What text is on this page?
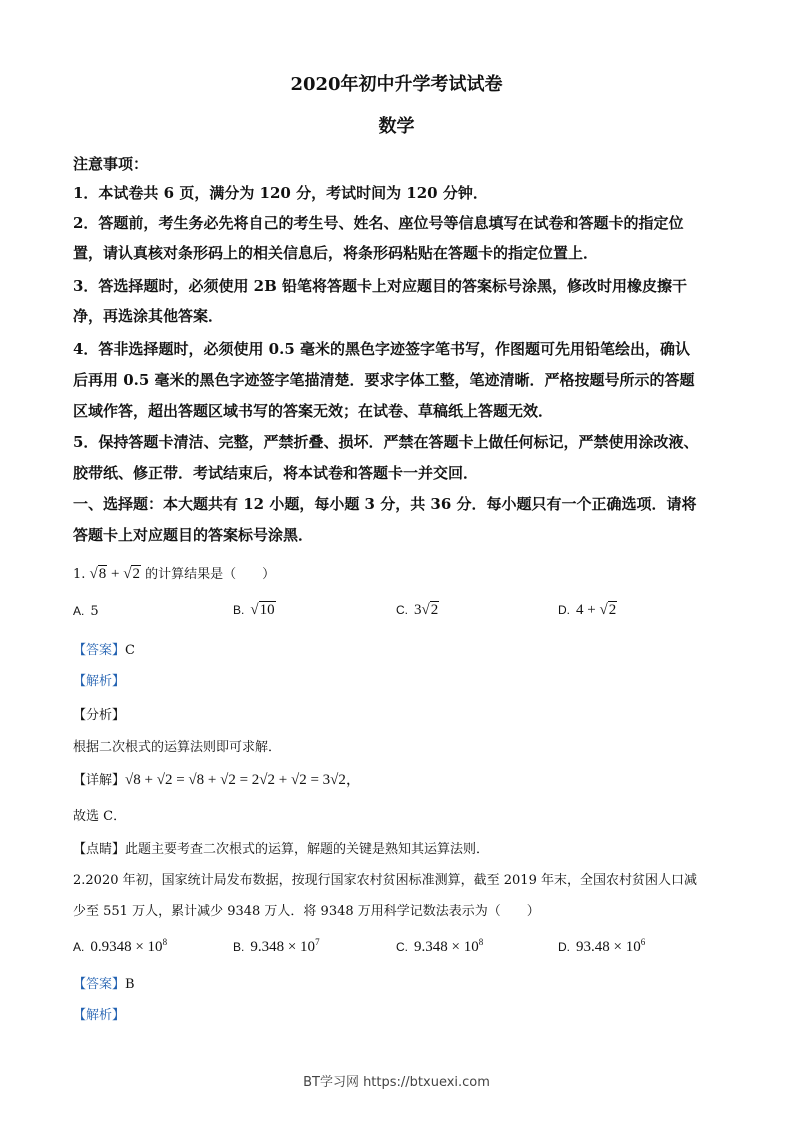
2020年初中升学考试试卷
数学
注意事项：
1．本试卷共 6 页，满分为 120 分，考试时间为 120 分钟．
2．答题前，考生务必先将自己的考生号、姓名、座位号等信息填写在试卷和答题卡的指定位
置，请认真核对条形码上的相关信息后，将条形码粘贴在答题卡的指定位置上．
3．答选择题时，必须使用 2B 铅笔将答题卡上对应题目的答案标号涂黑，修改时用橡皮擦干
净，再选涂其他答案．
4．答非选择题时，必须使用 0.5 毫米的黑色字迹签字笔书写，作图题可先用铅笔绘出，确认
后再用 0.5 毫米的黑色字迹签字笔描清楚．要求字体工整，笔迹清晰．严格按题号所示的答题
区域作答，超出答题区域书写的答案无效；在试卷、草稿纸上答题无效．
5．保持答题卡清洁、完整，严禁折叠、损坏．严禁在答题卡上做任何标记，严禁使用涂改液、
胶带纸、修正带．考试结束后，将本试卷和答题卡一并交回．
一、选择题：本大题共有 12 小题，每小题 3 分，共 36 分．每小题只有一个正确选项．请将
答题卡上对应题目的答案标号涂黑．
1. √8 + √2 的计算结果是（　　）
A. 5	B. √10	C. 3√2	D. 4 + √2
【答案】C
【解析】
【分析】
根据二次根式的运算法则即可求解．
【详解】√8 + √2 = √8 + √2 = 2√2 + √2 = 3√2，
故选 C．
【点睛】此题主要考查二次根式的运算，解题的关键是熟知其运算法则．
2.2020 年初，国家统计局发布数据，按现行国家农村贫困标准测算，截至 2019 年末，全国农村贫困人口减
少至 551 万人，累计减少 9348 万人．将 9348 万用科学记数法表示为（　　）
A. $0.9348 \times 10^8$	B. $9.348 \times 10^7$	C. $9.348 \times 10^8$	D. $93.48 \times 10^6$
【答案】B
【解析】
BT学习网 https://btxuexi.com
